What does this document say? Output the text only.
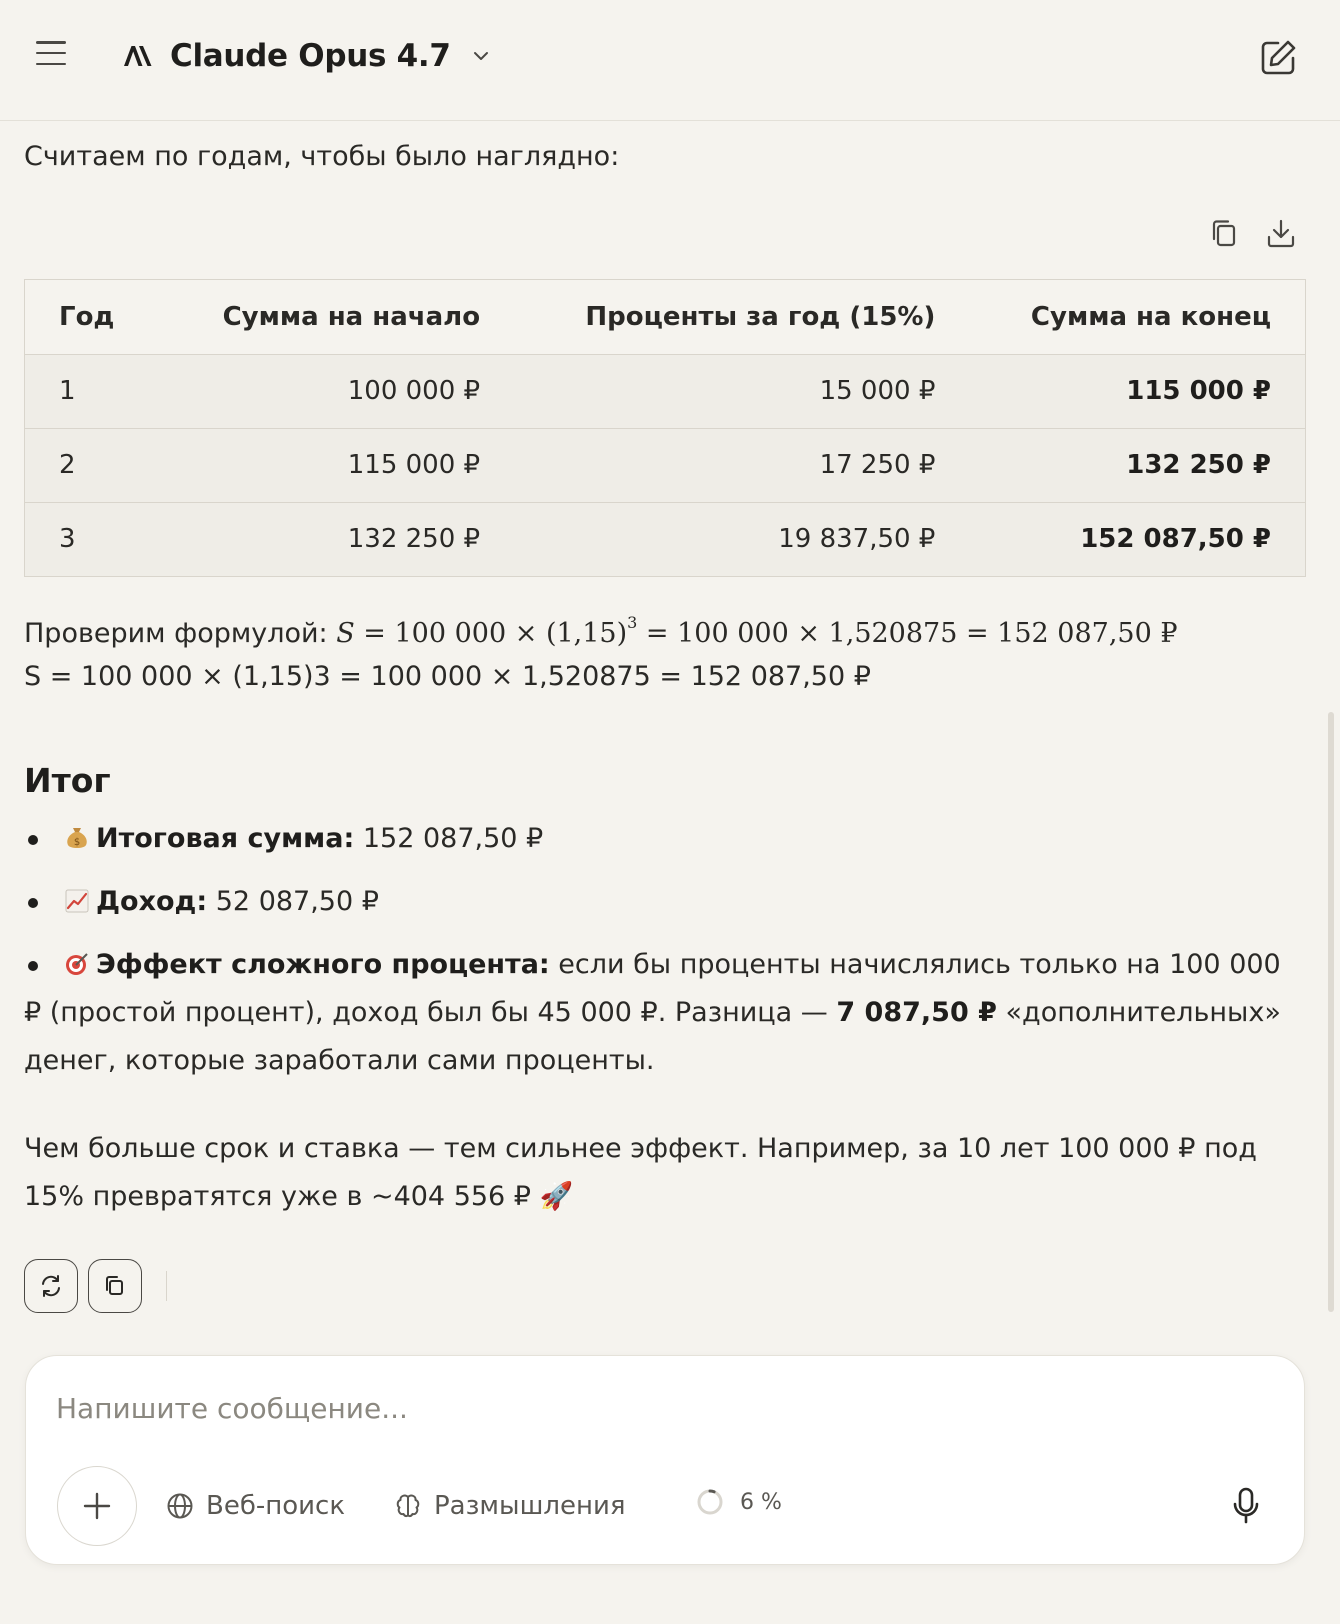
Claude Opus 4.7

Считаем по годам, чтобы было наглядно:

Год	Сумма на начало	Проценты за год (15%)	Сумма на конец
1	100 000 ₽	15 000 ₽	115 000 ₽
2	115 000 ₽	17 250 ₽	132 250 ₽
3	132 250 ₽	19 837,50 ₽	152 087,50 ₽

Проверим формулой: S = 100 $000 \times (1,15)^3 = 100$ 000 × 1,520875 = 152 087,50 ₽

S = 100 000 × (1,15)3 = 100 000 × 1,520875 = 152 087,50 ₽

Итог
$ Итоговая сумма: 152 087,50 ₽
Доход: 52 087,50 ₽
Эффект сложного процента: если бы проценты начислялись только на 100 000 ₽ (простой процент), доход был бы 45 000 ₽. Разница — 7 087,50 ₽ «дополнительных» денег, которые заработали сами проценты.

Чем больше срок и ставка — тем сильнее эффект. Например, за 10 лет 100 000 ₽ под 15% превратятся уже в ~404 556 ₽ 🚀

Напишите сообщение...
Веб-поиск	Размышления	6 %
